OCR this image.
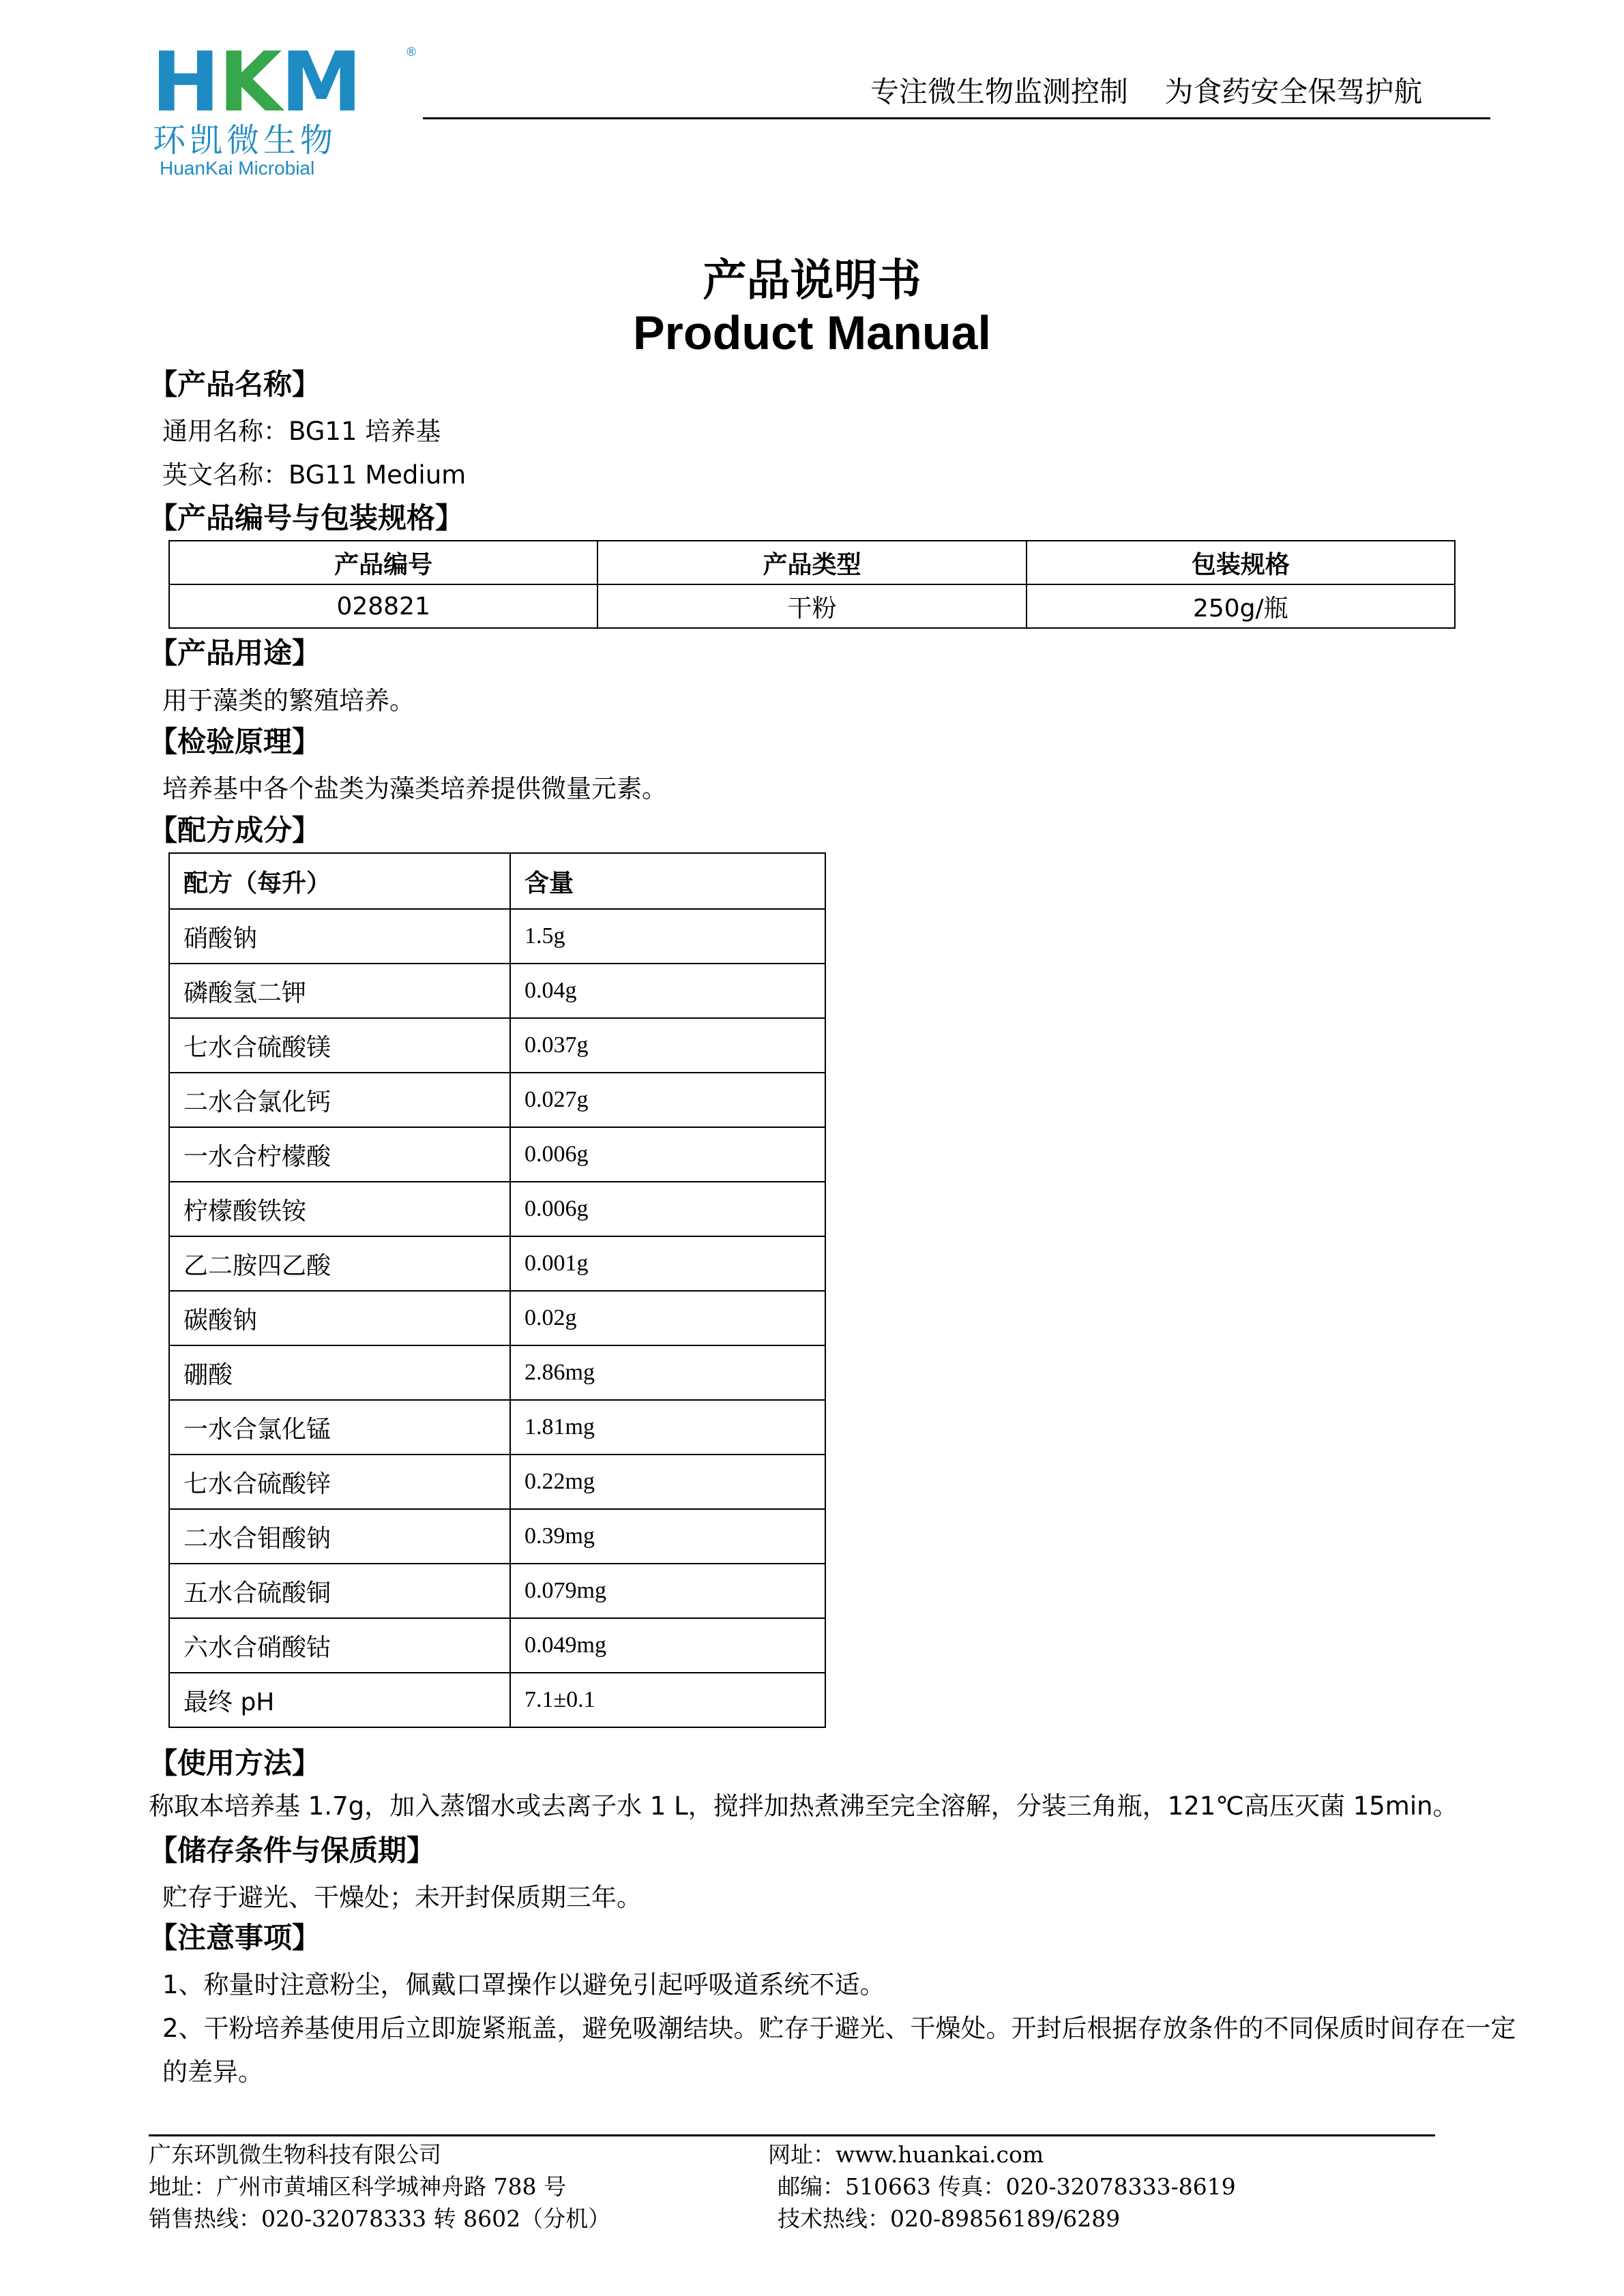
HKM	®
环凯微生物
HuanKai Microbial
专注微生物监测控制    为食药安全保驾护航
产品说明书
Product Manual
【产品名称】
通用名称：BG11 培养基
英文名称：BG11 Medium
【产品编号与包装规格】
产品编号	产品类型	包装规格
028821	干粉	250g/瓶
【产品用途】
用于藻类的繁殖培养。
【检验原理】
培养基中各个盐类为藻类培养提供微量元素。
【配方成分】
配方（每升）	含量
硝酸钠	1.5g
磷酸氢二钾	0.04g
七水合硫酸镁	0.037g
二水合氯化钙	0.027g
一水合柠檬酸	0.006g
柠檬酸铁铵	0.006g
乙二胺四乙酸	0.001g
碳酸钠	0.02g
硼酸	2.86mg
一水合氯化锰	1.81mg
七水合硫酸锌	0.22mg
二水合钼酸钠	0.39mg
五水合硫酸铜	0.079mg
六水合硝酸钴	0.049mg
最终 pH	7.1±0.1
【使用方法】
称取本培养基 1.7g，加入蒸馏水或去离子水 1 L，搅拌加热煮沸至完全溶解，分装三角瓶，121℃高压灭菌 15min。
【储存条件与保质期】
贮存于避光、干燥处；未开封保质期三年。
【注意事项】
1、称量时注意粉尘，佩戴口罩操作以避免引起呼吸道系统不适。
2、干粉培养基使用后立即旋紧瓶盖，避免吸潮结块。贮存于避光、干燥处。开封后根据存放条件的不同保质时间存在一定
的差异。
广东环凯微生物科技有限公司
地址：广州市黄埔区科学城神舟路 788 号
销售热线：020-32078333 转 8602（分机）
网址：www.huankai.com
邮编：510663 传真：020-32078333-8619
技术热线：020-89856189/6289
